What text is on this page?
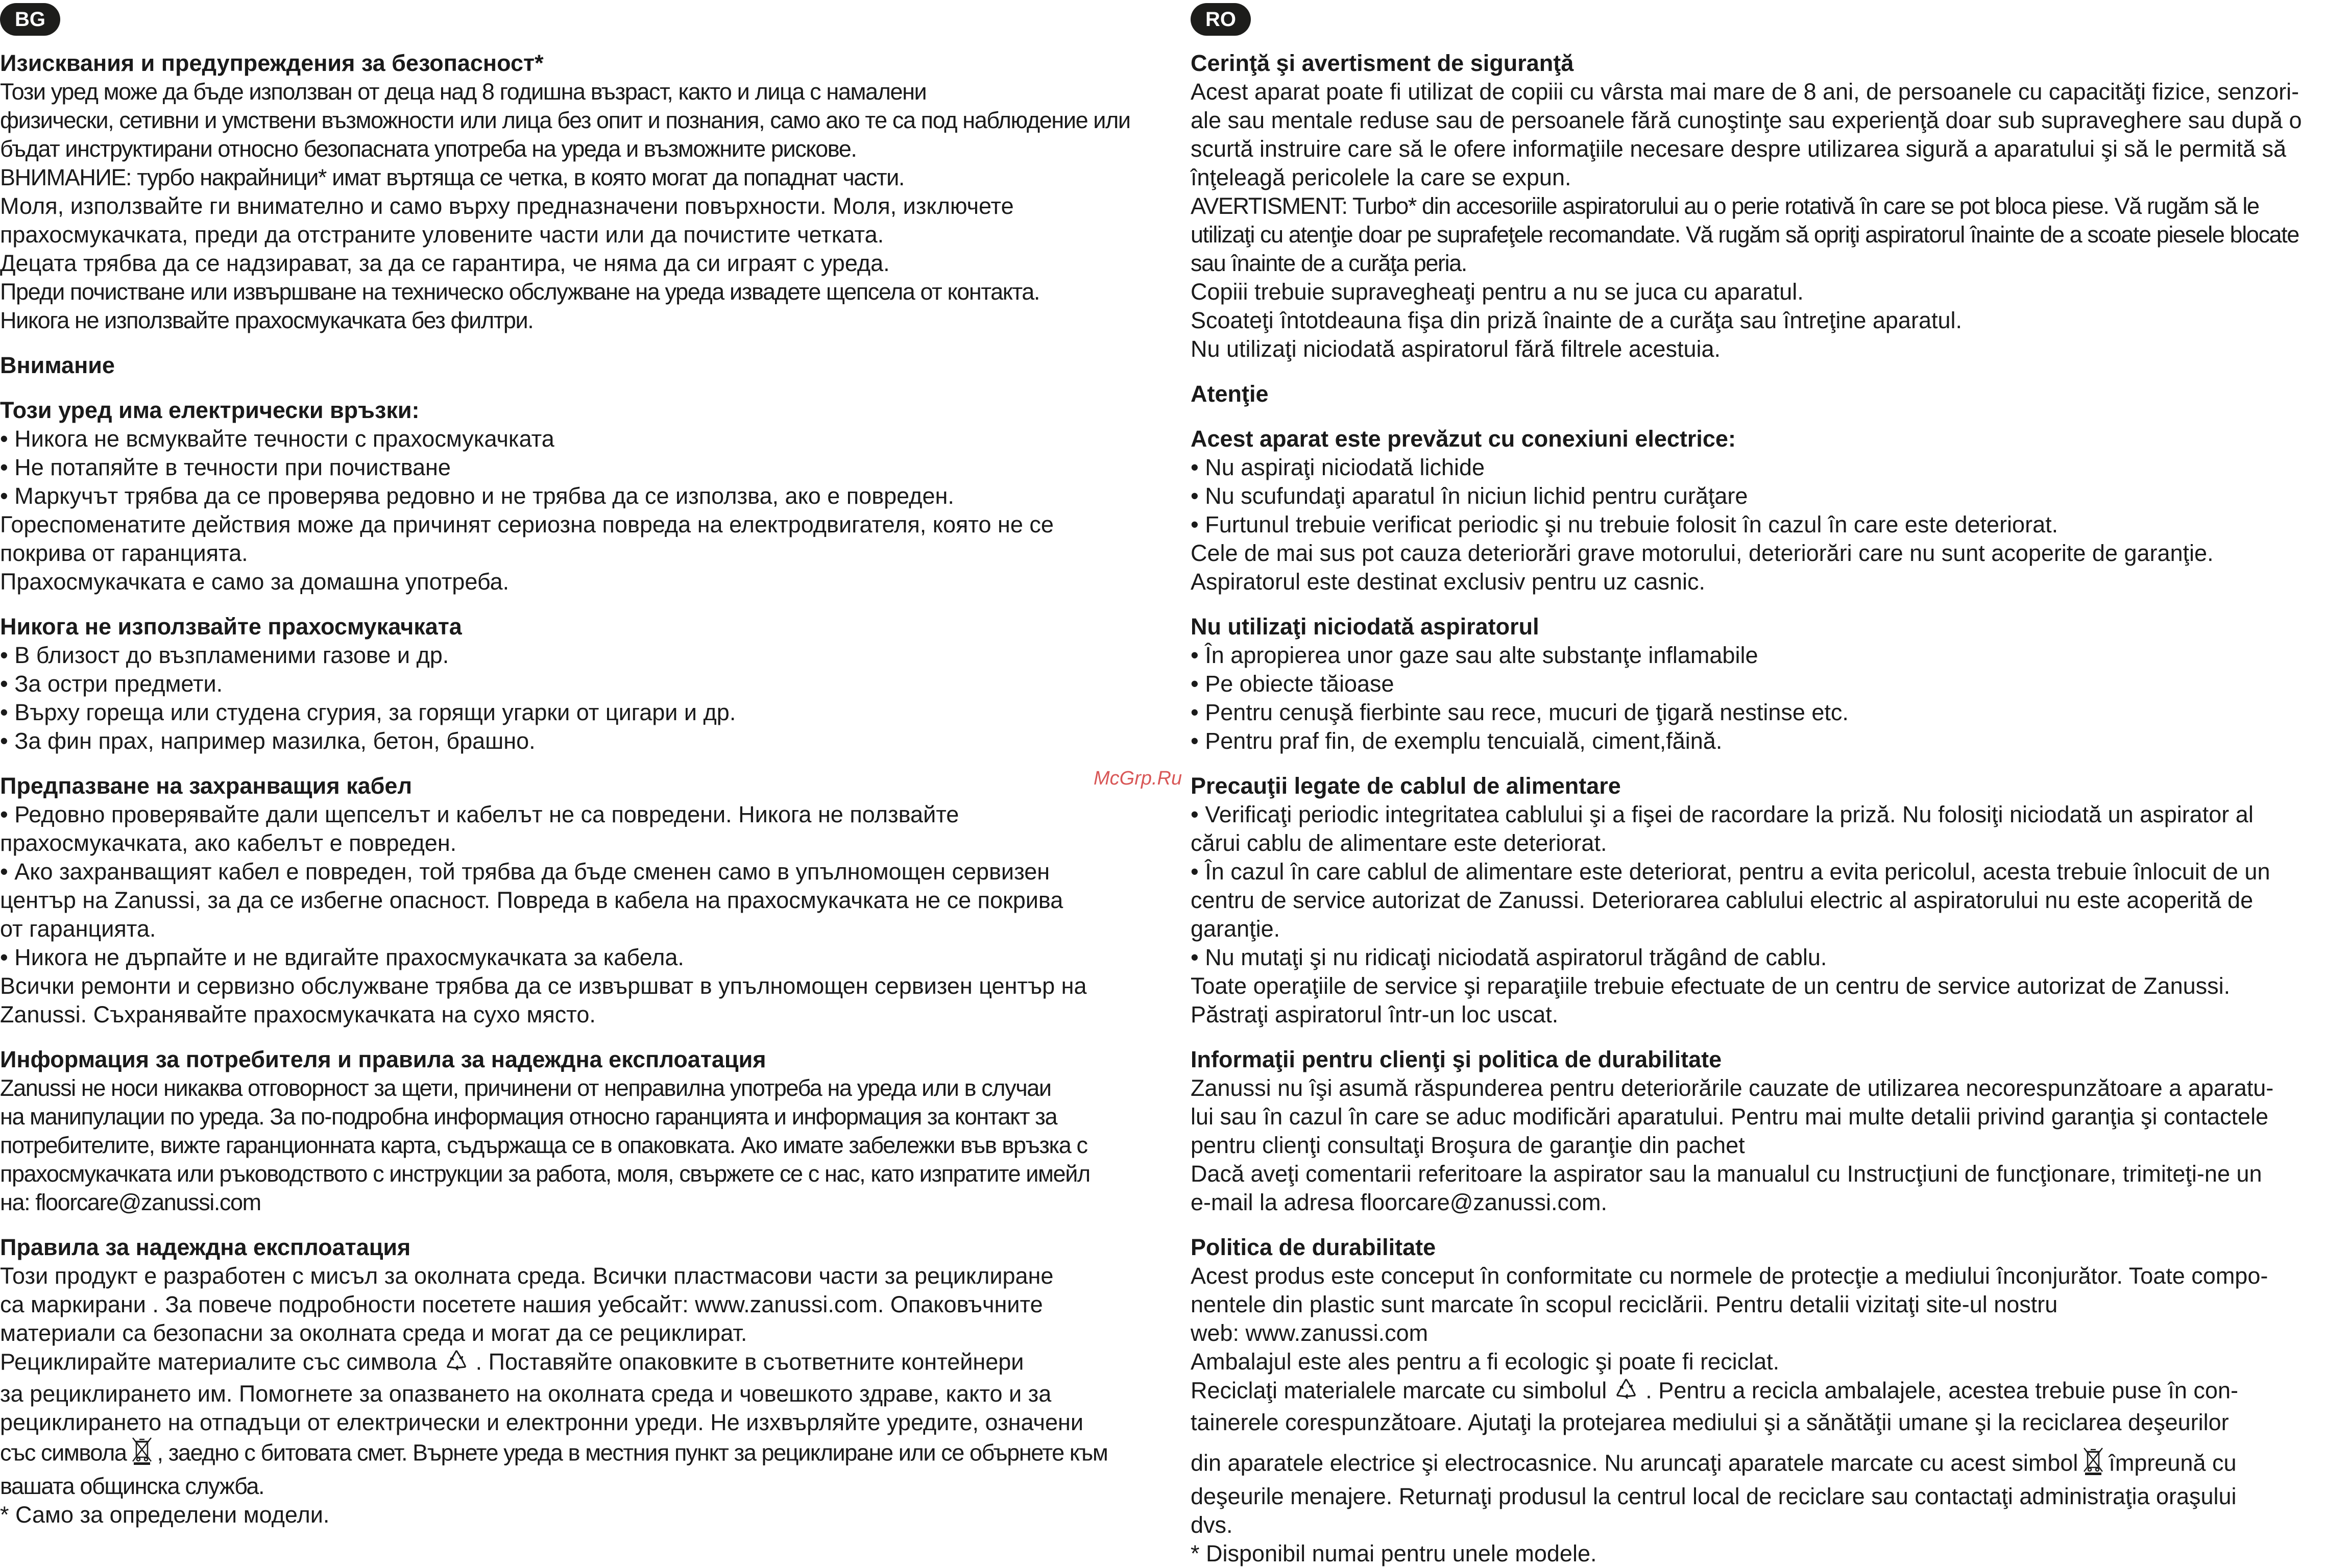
BG

Изисквания и предупреждения за безопасност*

Този уред може да бъде използван от деца над 8 годишна възраст, както и лица с намалени

физически, сетивни и умствени възможности или лица без опит и познания, само ако те са под наблюдение или

бъдат инструктирани относно безопасната употреба на уреда и възможните рискове.

ВНИМАНИЕ: турбо накрайници* имат въртяща се четка, в която могат да попаднат части.

Моля, използвайте ги внимателно и само върху предназначени повърхности. Моля, изключете

прахосмукачката, преди да отстраните уловените части или да почистите четката.

Децата трябва да се надзирават, за да се гарантира, че няма да си играят с уреда.

Преди почистване или извършване на техническо обслужване на уреда извадете щепсела от контакта.

Никога не използвайте прахосмукачката без филтри.

Внимание

Този уред има електрически връзки:

• Никога не всмуквайте течности с прахосмукачката

• Не потапяйте в течности при почистване

• Маркучът трябва да се проверява редовно и не трябва да се използва, ако е повреден.

Гореспоменатите действия може да причинят сериозна повреда на електродвигателя, която не се

покрива от гаранцията.

Прахосмукачката е само за домашна употреба.

Никога не използвайте прахосмукачката

• В близост до възпламеними газове и др.

• За остри предмети.

• Върху гореща или студена сгурия, за горящи угарки от цигари и др.

• За фин прах, например мазилка, бетон, брашно.

Предпазване на захранващия кабел

• Редовно проверявайте дали щепселът и кабелът не са повредени. Никога не ползвайте

прахосмукачката, ако кабелът е повреден.

• Ако захранващият кабел е повреден, той трябва да бъде сменен само в упълномощен сервизен

център на Zanussi, за да се избегне опасност. Повреда в кабела на прахосмукачката не се покрива

от гаранцията.

• Никога не дърпайте и не вдигайте прахосмукачката за кабела.

Всички ремонти и сервизно обслужване трябва да се извършват в упълномощен сервизен център на

Zanussi. Съхранявайте прахосмукачката на сухо място.

Информация за потребителя и правила за надеждна експлоатация

Zanussi не носи никаква отговорност за щети, причинени от неправилна употреба на уреда или в случаи

на манипулации по уреда. За по-подробна информация относно гаранцията и информация за контакт за

потребителите, вижте гаранционната карта, съдържаща се в опаковката. Ако имате забележки във връзка с

прахосмукачката или ръководството с инструкции за работа, моля, свържете се с нас, като изпратите имейл

на: floorcare@zanussi.com

Правила за надеждна експлоатация

Този продукт е разработен с мисъл за околната среда. Всички пластмасови части за рециклиране

са маркирани . За повече подробности посетете нашия уебсайт: www.zanussi.com. Опаковъчните

материали са безопасни за околната среда и могат да се рециклират.

Рециклирайте материалите със символа . Поставяйте опаковките в съответните контейнери

за рециклирането им. Помогнете за опазването на околната среда и човешкото здраве, както и за

рециклирането на отпадъци от електрически и електронни уреди. Не изхвърляйте уредите, означени

със символа , заедно с битовата смет. Върнете уреда в местния пункт за рециклиране или се обърнете към

вашата общинска служба.

* Само за определени модели.

RO

Cerinţă şi avertisment de siguranţă

Acest aparat poate fi utilizat de copiii cu vârsta mai mare de 8 ani, de persoanele cu capacităţi fizice, senzori-

ale sau mentale reduse sau de persoanele fără cunoştinţe sau experienţă doar sub supraveghere sau după o

scurtă instruire care să le ofere informaţiile necesare despre utilizarea sigură a aparatului şi să le permită să

înţeleagă pericolele la care se expun.

AVERTISMENT: Turbo* din accesoriile aspiratorului au o perie rotativă în care se pot bloca piese. Vă rugăm să le

utilizaţi cu atenţie doar pe suprafeţele recomandate. Vă rugăm să opriţi aspiratorul înainte de a scoate piesele blocate

sau înainte de a curăţa peria.

Copiii trebuie supravegheaţi pentru a nu se juca cu aparatul.

Scoateţi întotdeauna fişa din priză înainte de a curăţa sau întreţine aparatul.

Nu utilizaţi niciodată aspiratorul fără filtrele acestuia.

Atenţie

Acest aparat este prevăzut cu conexiuni electrice:

• Nu aspiraţi niciodată lichide

• Nu scufundaţi aparatul în niciun lichid pentru curăţare

• Furtunul trebuie verificat periodic şi nu trebuie folosit în cazul în care este deteriorat.

Cele de mai sus pot cauza deteriorări grave motorului, deteriorări care nu sunt acoperite de garanţie.

Aspiratorul este destinat exclusiv pentru uz casnic.

Nu utilizaţi niciodată aspiratorul

• În apropierea unor gaze sau alte substanţe inflamabile

• Pe obiecte tăioase

• Pentru cenuşă fierbinte sau rece, mucuri de ţigară nestinse etc.

• Pentru praf fin, de exemplu tencuială, ciment,făină.

Precauţii legate de cablul de alimentare

• Verificaţi periodic integritatea cablului şi a fişei de racordare la priză. Nu folosiţi niciodată un aspirator al

cărui cablu de alimentare este deteriorat.

• În cazul în care cablul de alimentare este deteriorat, pentru a evita pericolul, acesta trebuie înlocuit de un

centru de service autorizat de Zanussi. Deteriorarea cablului electric al aspiratorului nu este acoperită de

garanţie.

• Nu mutaţi şi nu ridicaţi niciodată aspiratorul trăgând de cablu.

Toate operaţiile de service şi reparaţiile trebuie efectuate de un centru de service autorizat de Zanussi.

Păstraţi aspiratorul într-un loc uscat.

Informaţii pentru clienţi şi politica de durabilitate

Zanussi nu îşi asumă răspunderea pentru deteriorările cauzate de utilizarea necorespunzătoare a aparatu-

lui sau în cazul în care se aduc modificări aparatului. Pentru mai multe detalii privind garanţia şi contactele

pentru clienţi consultaţi Broşura de garanţie din pachet

Dacă aveţi comentarii referitoare la aspirator sau la manualul cu Instrucţiuni de funcţionare, trimiteţi-ne un

e-mail la adresa floorcare@zanussi.com.

Politica de durabilitate

Acest produs este conceput în conformitate cu normele de protecţie a mediului înconjurător. Toate compo-

nentele din plastic sunt marcate în scopul reciclării. Pentru detalii vizitaţi site-ul nostru

web: www.zanussi.com

Ambalajul este ales pentru a fi ecologic şi poate fi reciclat.

Reciclaţi materialele marcate cu simbolul . Pentru a recicla ambalajele, acestea trebuie puse în con-

tainerele corespunzătoare. Ajutaţi la protejarea mediului şi a sănătăţii umane şi la reciclarea deşeurilor

din aparatele electrice şi electrocasnice. Nu aruncaţi aparatele marcate cu acest simbol împreună cu

deşeurile menajere. Returnaţi produsul la centrul local de reciclare sau contactaţi administraţia oraşului

dvs.

* Disponibil numai pentru unele modele.

McGrp.Ru
